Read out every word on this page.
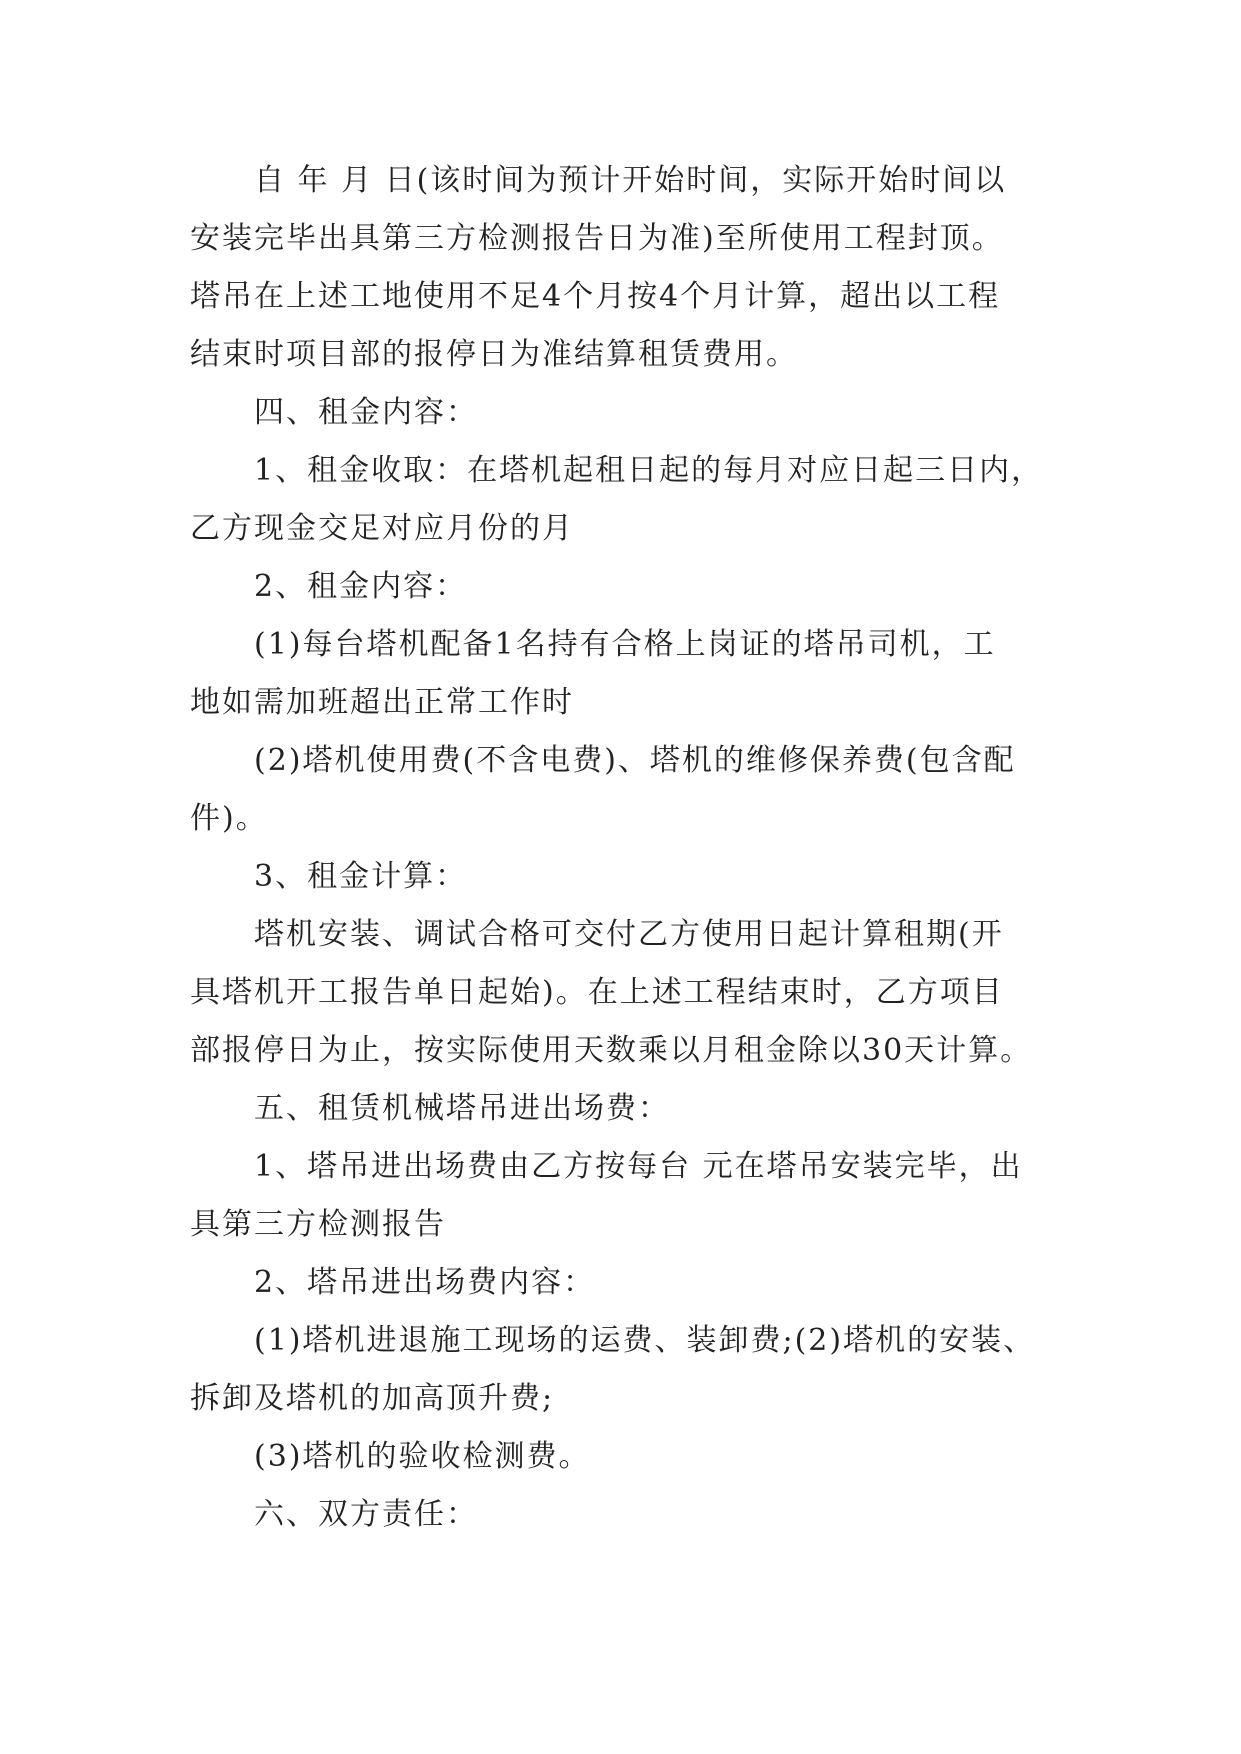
自 年 月 日(该时间为预计开始时间，实际开始时间以
安装完毕出具第三方检测报告日为准)至所使用工程封顶。
塔吊在上述工地使用不足4个月按4个月计算，超出以工程
结束时项目部的报停日为准结算租赁费用。
四、租金内容：
1、租金收取：在塔机起租日起的每月对应日起三日内，
乙方现金交足对应月份的月
2、租金内容：
(1)每台塔机配备1名持有合格上岗证的塔吊司机，工
地如需加班超出正常工作时
(2)塔机使用费(不含电费)、塔机的维修保养费(包含配
件)。
3、租金计算：
塔机安装、调试合格可交付乙方使用日起计算租期(开
具塔机开工报告单日起始)。在上述工程结束时，乙方项目
部报停日为止，按实际使用天数乘以月租金除以30天计算。
五、租赁机械塔吊进出场费：
1、塔吊进出场费由乙方按每台 元在塔吊安装完毕，出
具第三方检测报告
2、塔吊进出场费内容：
(1)塔机进退施工现场的运费、装卸费;(2)塔机的安装、
拆卸及塔机的加高顶升费;
(3)塔机的验收检测费。
六、双方责任：
